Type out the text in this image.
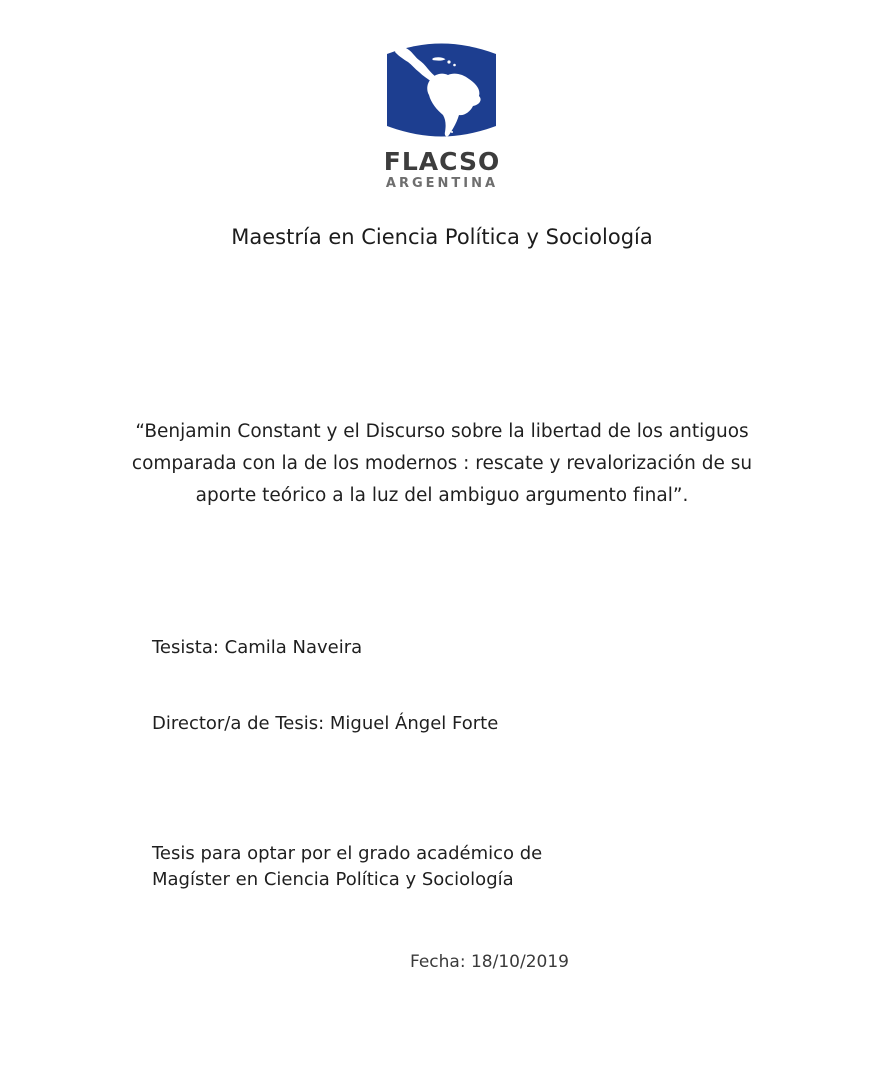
FLACSO
ARGENTINA
Maestría en Ciencia Política y Sociología
“Benjamin Constant y el Discurso sobre la libertad de los antiguos
comparada con la de los modernos : rescate y revalorización de su
aporte teórico a la luz del ambiguo argumento final”.
Tesista: Camila Naveira
Director/a de Tesis: Miguel Ángel Forte
Tesis para optar por el grado académico de
Magíster en Ciencia Política y Sociología
Fecha: 18/10/2019
